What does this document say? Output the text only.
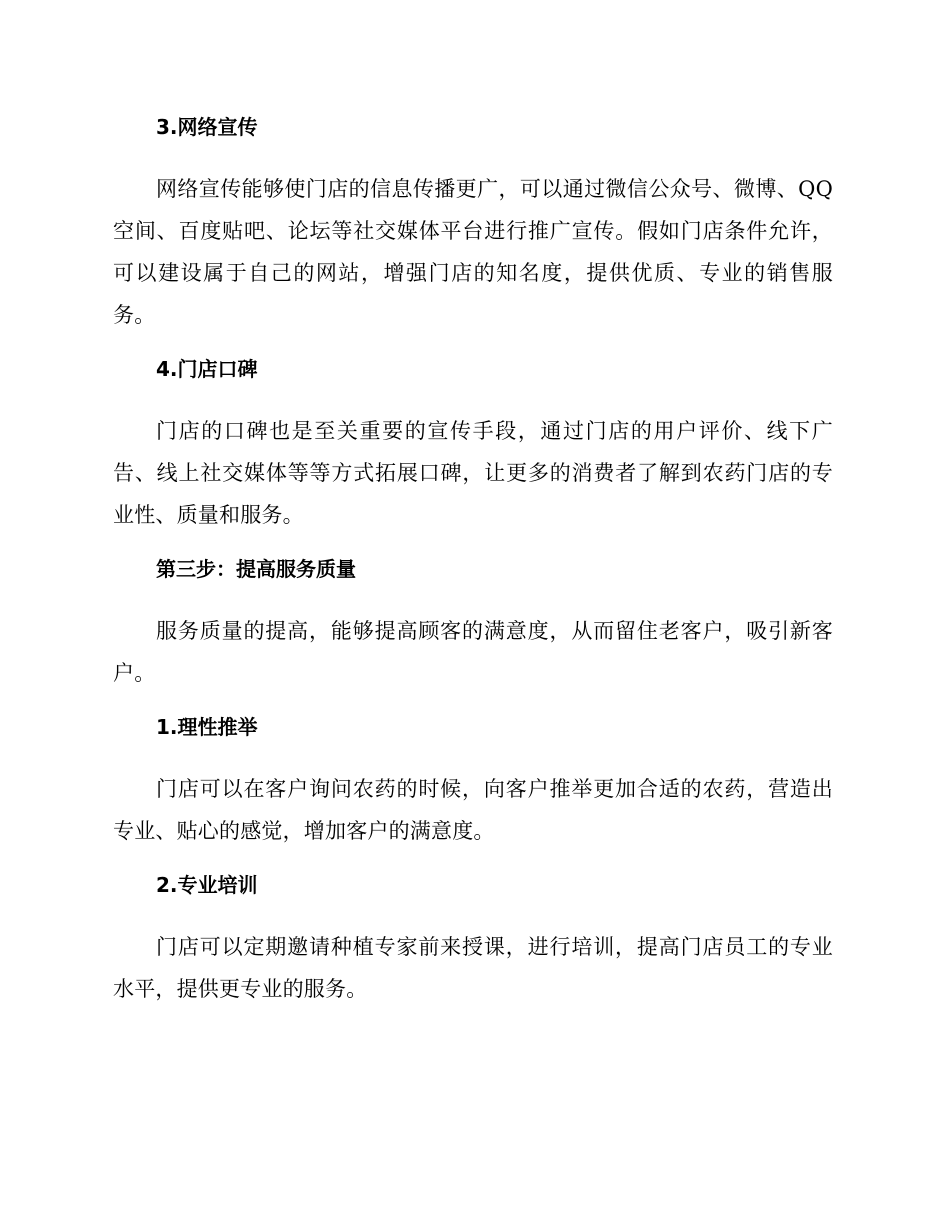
3.网络宣传

网络宣传能够使门店的信息传播更广，可以通过微信公众号、微博、QQ空间、百度贴吧、论坛等社交媒体平台进行推广宣传。假如门店条件允许，可以建设属于自己的网站，增强门店的知名度，提供优质、专业的销售服务。

4.门店口碑

门店的口碑也是至关重要的宣传手段，通过门店的用户评价、线下广告、线上社交媒体等等方式拓展口碑，让更多的消费者了解到农药门店的专业性、质量和服务。

第三步：提高服务质量

服务质量的提高，能够提高顾客的满意度，从而留住老客户，吸引新客户。

1.理性推举

门店可以在客户询问农药的时候，向客户推举更加合适的农药，营造出专业、贴心的感觉，增加客户的满意度。

2.专业培训

门店可以定期邀请种植专家前来授课，进行培训，提高门店员工的专业水平，提供更专业的服务。
